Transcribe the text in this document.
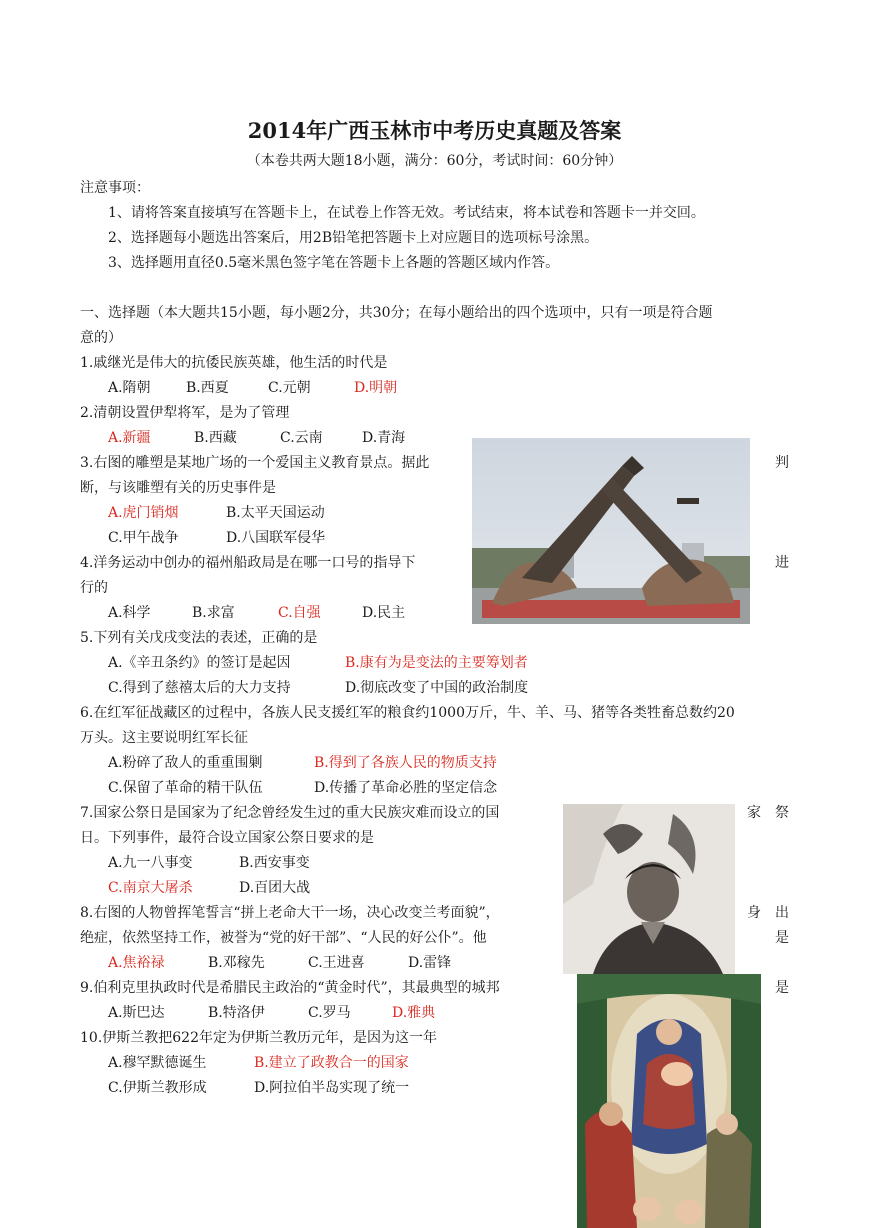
2014年广西玉林市中考历史真题及答案
（本卷共两大题18小题，满分：60分，考试时间：60分钟）
注意事项：
1、请将答案直接填写在答题卡上，在试卷上作答无效。考试结束，将本试卷和答题卡一并交回。
2、选择题每小题选出答案后，用2B铅笔把答题卡上对应题目的选项标号涂黑。
3、选择题用直径0.5毫米黑色签字笔在答题卡上各题的答题区域内作答。
一、选择题（本大题共15小题，每小题2分，共30分；在每小题给出的四个选项中，只有一项是符合题
意的）
1.戚继光是伟大的抗倭民族英雄，他生活的时代是
A.隋朝	B.西夏	C.元朝	D.明朝
2.清朝设置伊犁将军，是为了管理
A.新疆	B.西藏	C.云南	D.青海
3.右图的雕塑是某地广场的一个爱国主义教育景点。据此	判
断，与该雕塑有关的历史事件是
A.虎门销烟	B.太平天国运动
C.甲午战争	D.八国联军侵华
4.洋务运动中创办的福州船政局是在哪一口号的指导下	进
行的
A.科学	B.求富	C.自强	D.民主
5.下列有关戊戌变法的表述，正确的是
A.《辛丑条约》的签订是起因	B.康有为是变法的主要筹划者
C.得到了慈禧太后的大力支持	D.彻底改变了中国的政治制度
6.在红军征战藏区的过程中，各族人民支援红军的粮食约1000万斤，牛、羊、马、猪等各类牲畜总数约20
万头。这主要说明红军长征
A.粉碎了敌人的重重围剿	B.得到了各族人民的物质支持
C.保留了革命的精干队伍	D.传播了革命必胜的坚定信念
7.国家公祭日是国家为了纪念曾经发生过的重大民族灾难而设立的国	家　祭
日。下列事件，最符合设立国家公祭日要求的是
A.九一八事变	B.西安事变
C.南京大屠杀	D.百团大战
8.右图的人物曾挥笔誓言“拼上老命大干一场，决心改变兰考面貌”，	身　出
绝症，依然坚持工作，被誉为“党的好干部”、“人民的好公仆”。他	是
A.焦裕禄	B.邓稼先	C.王进喜	D.雷锋
9.伯利克里执政时代是希腊民主政治的“黄金时代”，其最典型的城邦	是
A.斯巴达	B.特洛伊	C.罗马	D.雅典
10.伊斯兰教把622年定为伊斯兰教历元年，是因为这一年
A.穆罕默德诞生	B.建立了政教合一的国家
C.伊斯兰教形成	D.阿拉伯半岛实现了统一
